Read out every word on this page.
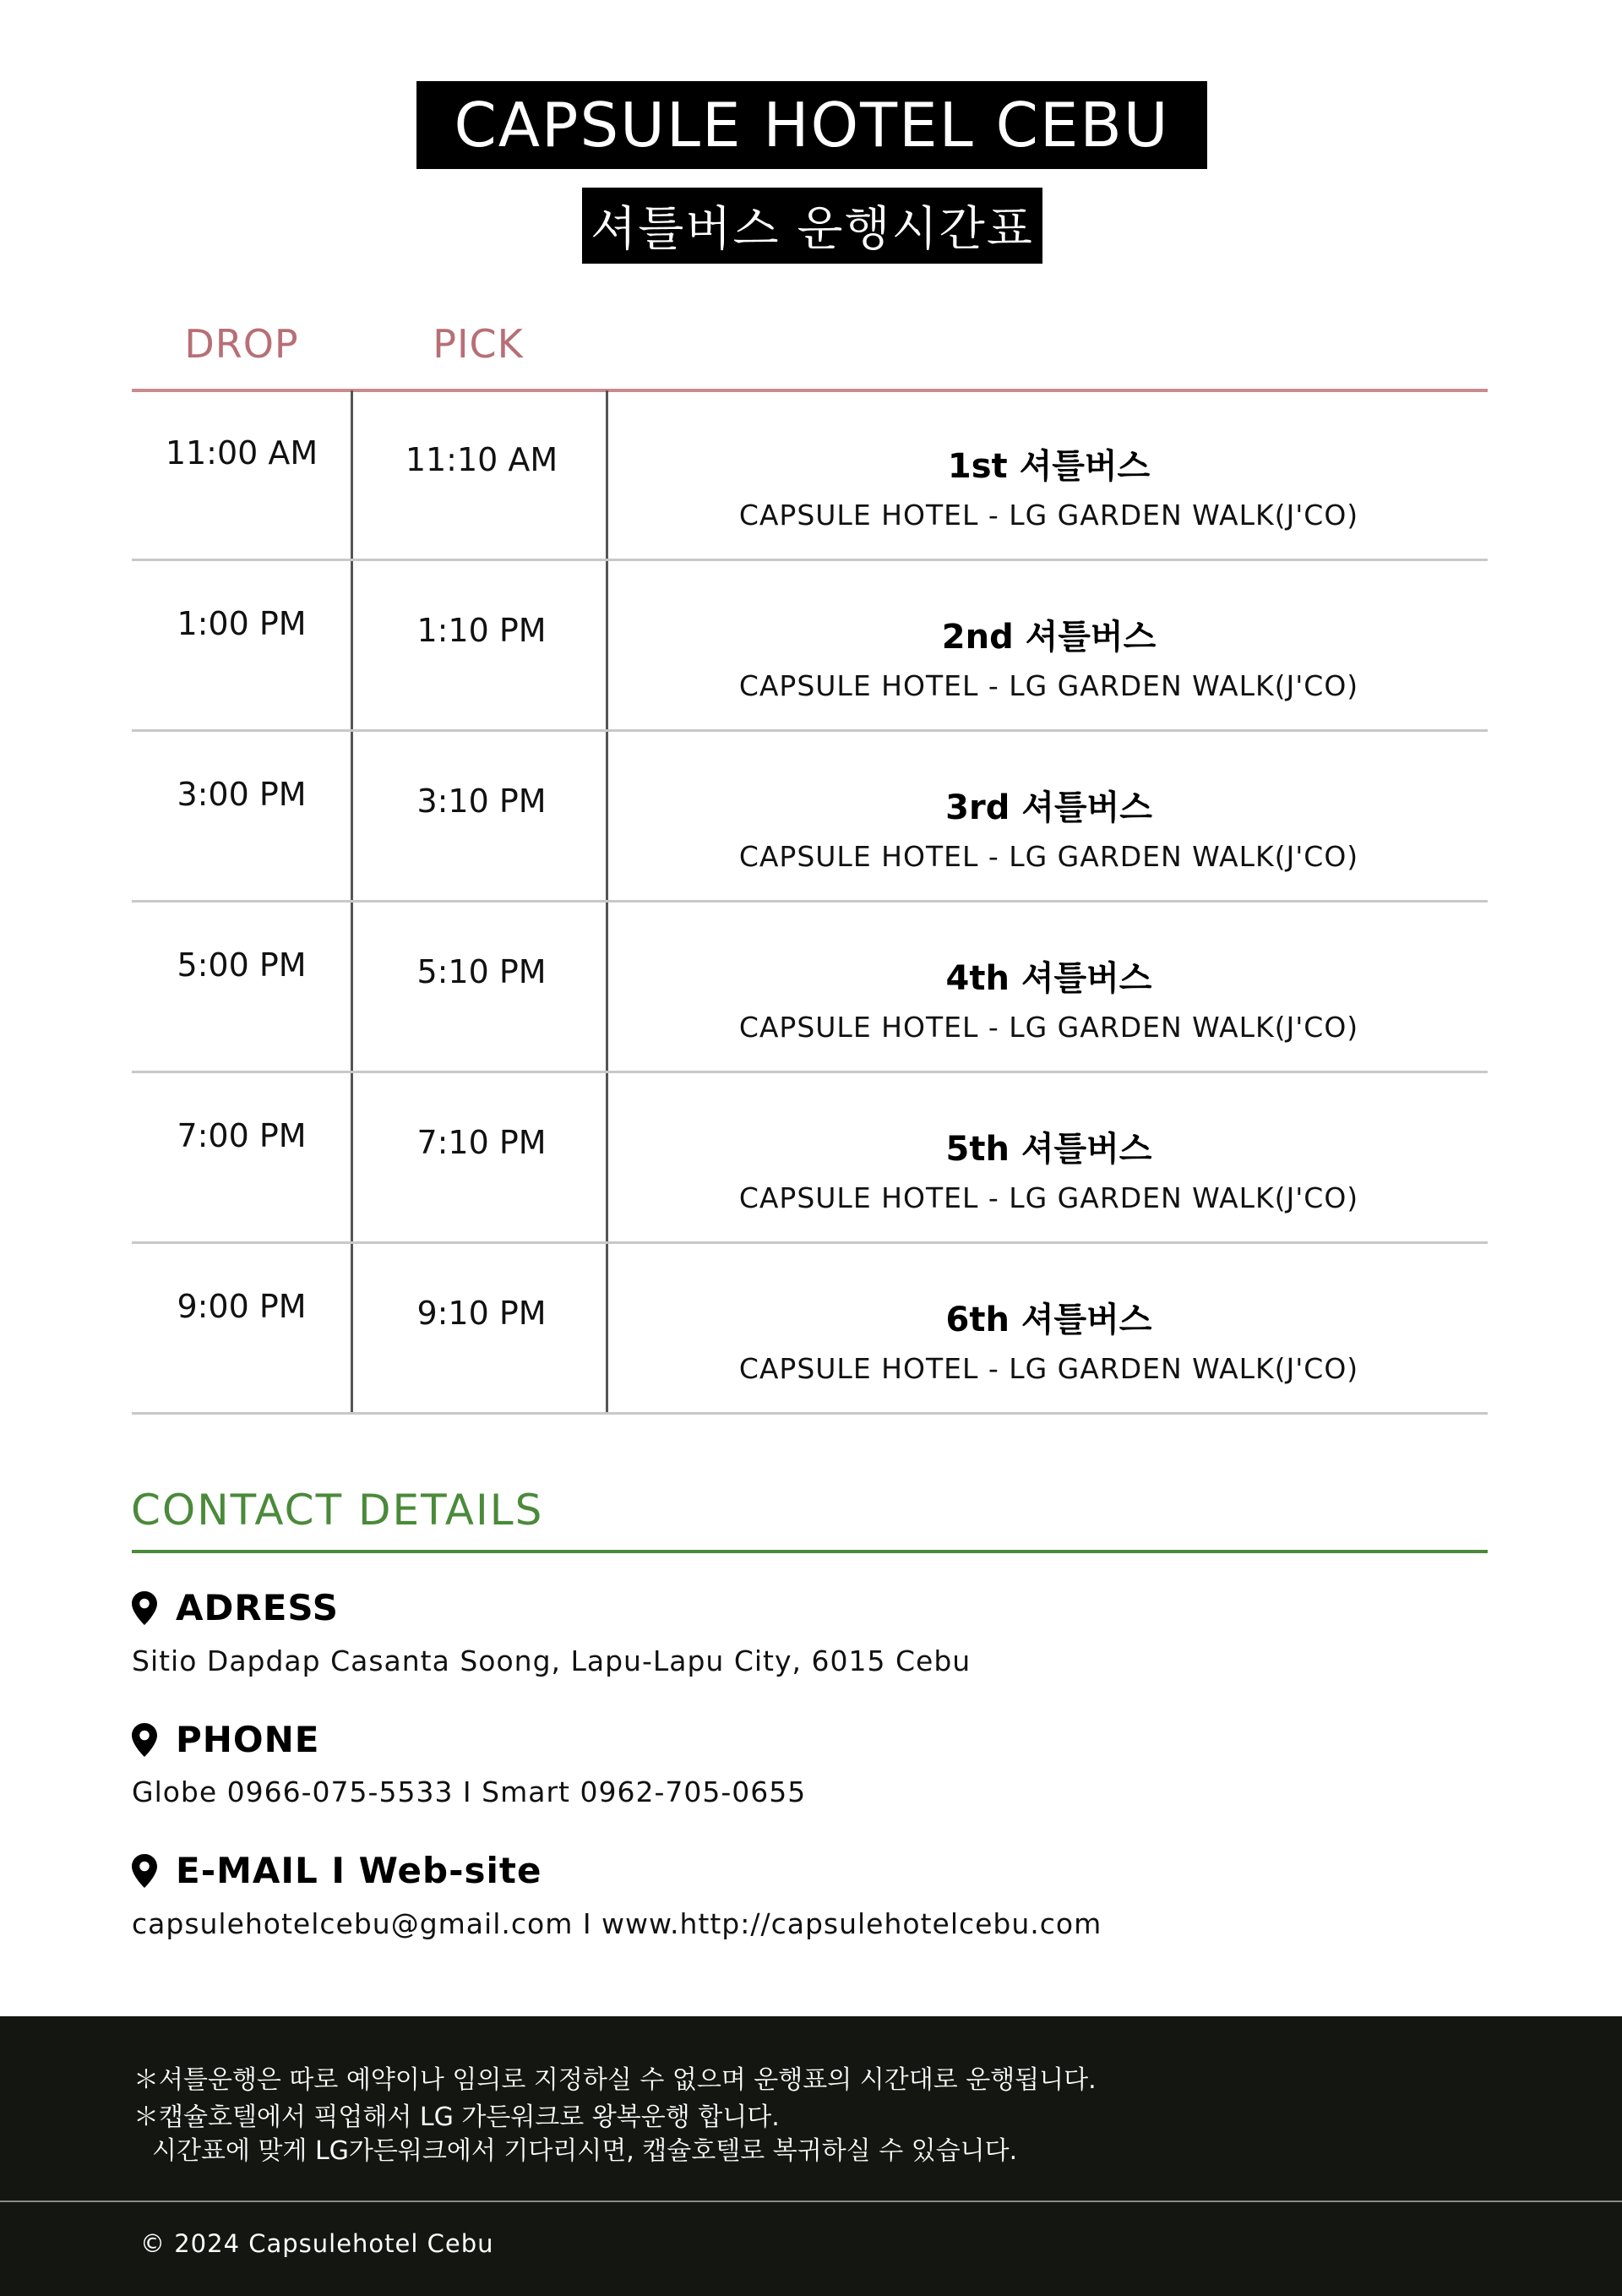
CAPSULE HOTEL CEBU
셔틀버스 운행시간표
DROP	PICK
11:00 AM	11:10 AM	1st 셔틀버스
CAPSULE HOTEL - LG GARDEN WALK(J'CO)
1:00 PM	1:10 PM	2nd 셔틀버스
CAPSULE HOTEL - LG GARDEN WALK(J'CO)
3:00 PM	3:10 PM	3rd 셔틀버스
CAPSULE HOTEL - LG GARDEN WALK(J'CO)
5:00 PM	5:10 PM	4th 셔틀버스
CAPSULE HOTEL - LG GARDEN WALK(J'CO)
7:00 PM	7:10 PM	5th 셔틀버스
CAPSULE HOTEL - LG GARDEN WALK(J'CO)
9:00 PM	9:10 PM	6th 셔틀버스
CAPSULE HOTEL - LG GARDEN WALK(J'CO)
CONTACT DETAILS
ADRESS
Sitio Dapdap Casanta Soong, Lapu-Lapu City, 6015 Cebu
PHONE
Globe 0966-075-5533 I Smart 0962-705-0655
E-MAIL I Web-site
capsulehotelcebu@gmail.com I www.http://capsulehotelcebu.com
＊셔틀운행은 따로 예약이나 임의로 지정하실 수 없으며 운행표의 시간대로 운행됩니다.
＊캡슐호텔에서 픽업해서 LG 가든워크로 왕복운행 합니다.
시간표에 맞게 LG가든워크에서 기다리시면, 캡슐호텔로 복귀하실 수 있습니다.
© 2024 Capsulehotel Cebu
